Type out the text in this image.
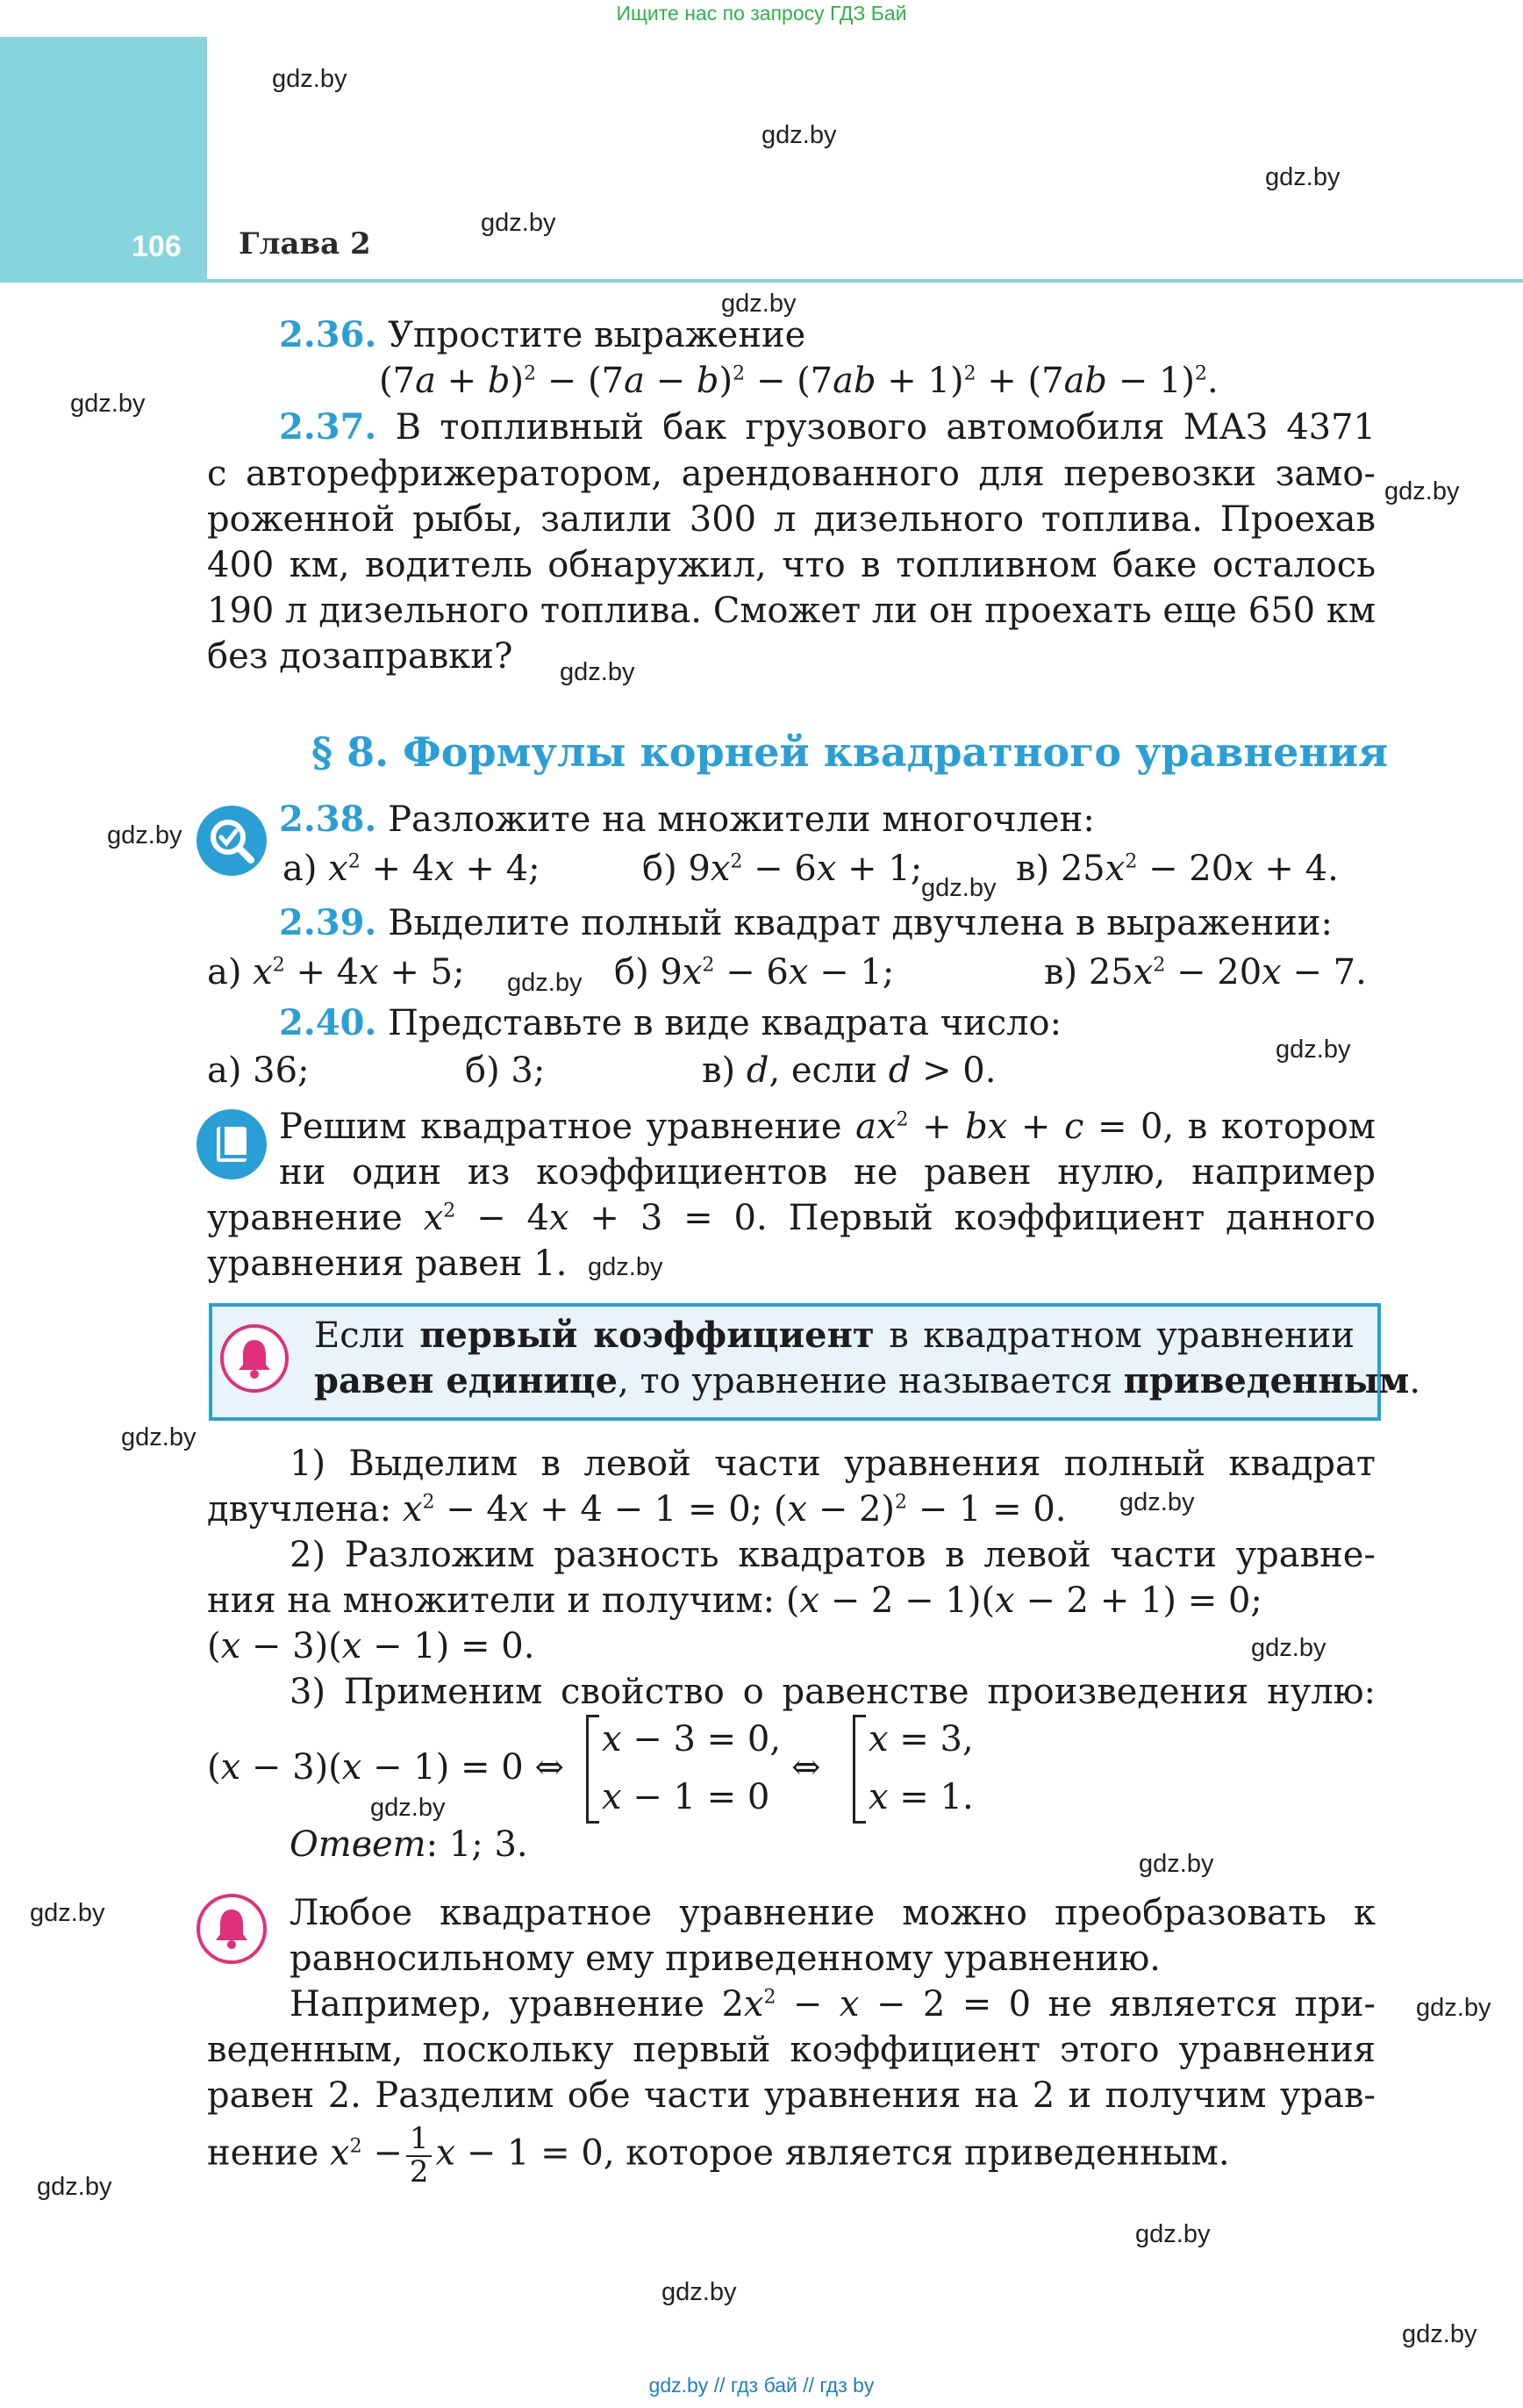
Ищите нас по запросу ГДЗ Бай
106 Глава 2
gdz.by
gdz.by
gdz.by
gdz.by
gdz.by
gdz.by
gdz.by
gdz.by
gdz.by
gdz.by
gdz.by
gdz.by
gdz.by
gdz.by
gdz.by
gdz.by
gdz.by
gdz.by
gdz.by
gdz.by
gdz.by
gdz.by
gdz.by
gdz.by
2.36. Упростите выражение
$(7a + b)^2 - (7a - b)^2 - (7ab + 1)^2 + (7ab - 1)^2$.
2.37. В топливный бак грузового автомобиля МАЗ 4371
с авторефрижератором, арендованного для перевозки замо-
роженной рыбы, залили 300 л дизельного топлива. Проехав
400 км, водитель обнаружил, что в топливном баке осталось
190 л дизельного топлива. Сможет ли он проехать еще 650 км
без дозаправки?
§ 8. Формулы корней квадратного уравнения
2.38. Разложите на множители многочлен:
а) $x^2 + 4x + 4$;	б) $9x^2 - 6x + 1$;	в) $25x^2 - 20x + 4$.
2.39. Выделите полный квадрат двучлена в выражении:
а) $x^2 + 4x + 5$;	б) $9x^2 - 6x - 1$;	в) $25x^2 - 20x - 7$.
2.40. Представьте в виде квадрата число:
а) 36;	б) 3;	в) d, если d > 0.
Решим квадратное уравнение $ax^2$ + bx + c = 0, в котором
ни один из коэффициентов не равен нулю, например
уравнение $x^2 - 4x + 3 = 0$. Первый коэффициент данного
уравнения равен 1.
Если первый коэффициент в квадратном уравнении
равен единице, то уравнение называется приведенным.
1) Выделим в левой части уравнения полный квадрат
двучлена: $x^2 - 4x + 4 - 1 = 0$; $(x - 2)^2 - 1 = 0$.
2) Разложим разность квадратов в левой части уравне-
ния на множители и получим: (x − 2 − 1)(x − 2 + 1) = 0;
(x − 3)(x − 1) = 0.
3) Применим свойство о равенстве произведения нулю:
(x − 3)(x − 1) = 0 ⇔
x − 3 = 0,
x − 1 = 0
⇔
x = 3,
x = 1.
Ответ: 1; 3.
Любое квадратное уравнение можно преобразовать к
равносильному ему приведенному уравнению.
Например, уравнение $2x^2 - x - 2 = 0$ не является при-
веденным, поскольку первый коэффициент этого уравнения
равен 2. Разделим обе части уравнения на 2 и получим урав-
нение $x^2 - \frac{1}{2}$ x − 1 = 0, которое является приведенным.
gdz.by // гдз бай // гдз by
